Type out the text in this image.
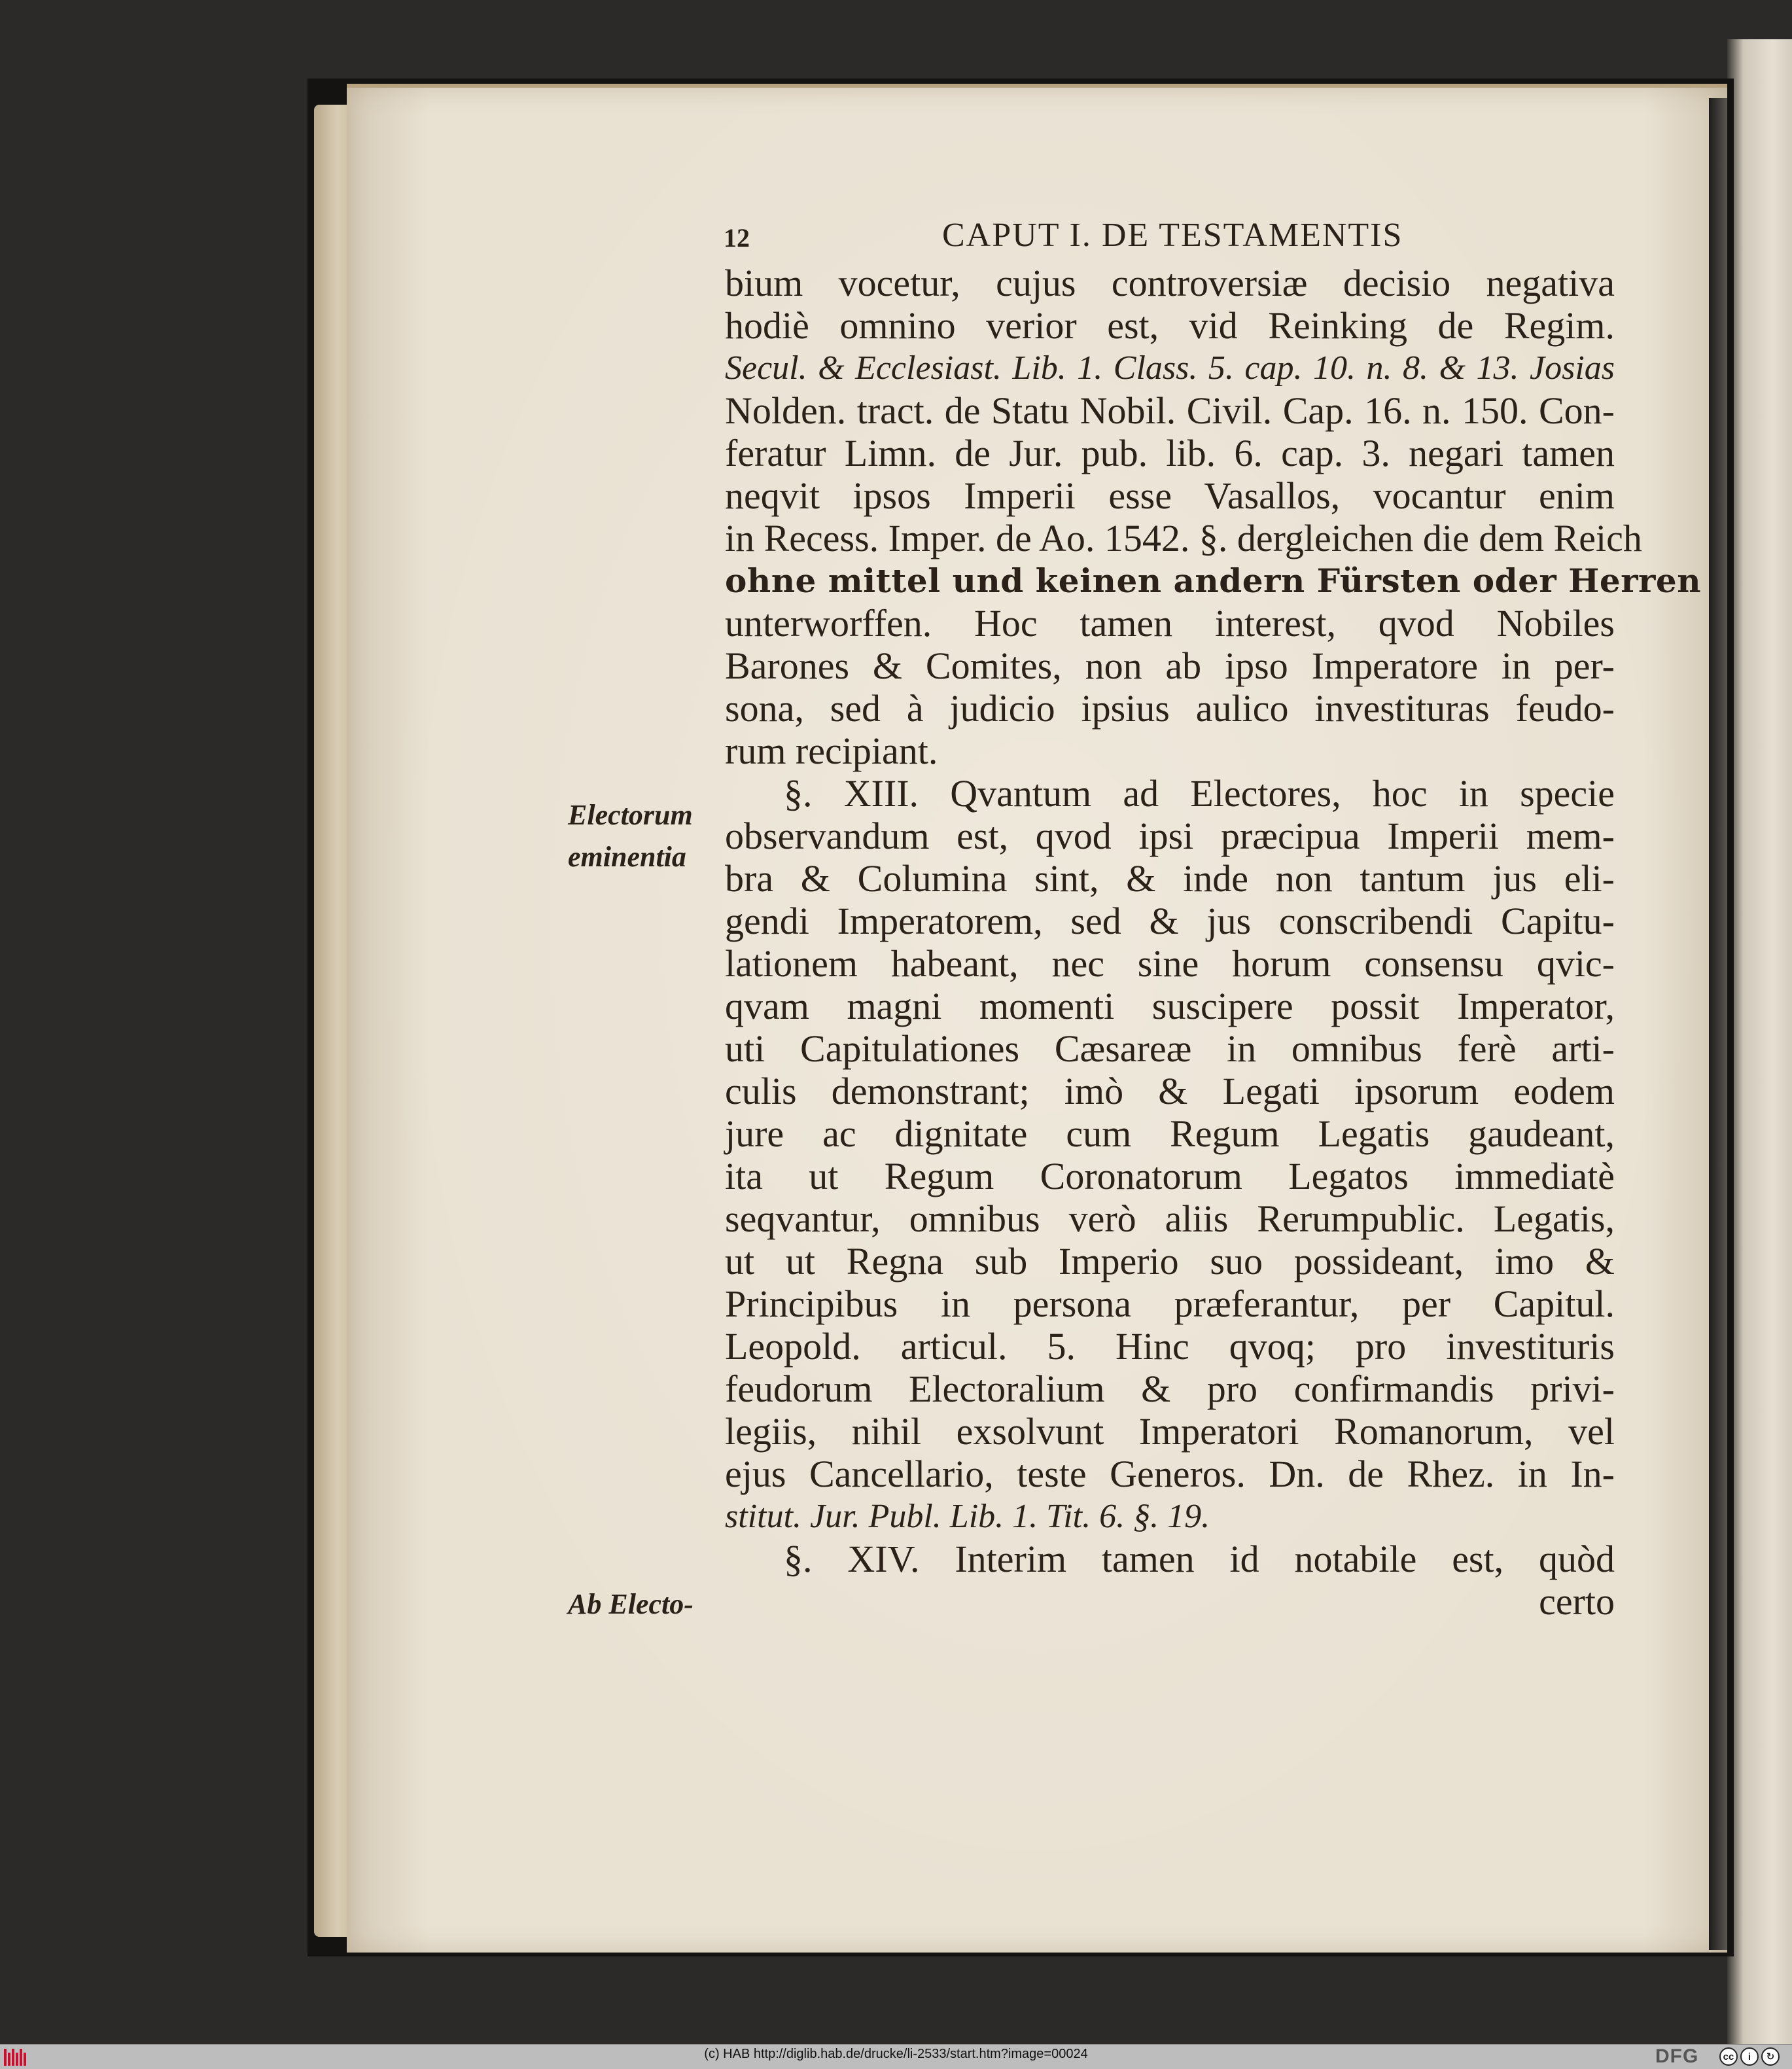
12	CAPUT I. DE TESTAMENTIS
Electorum
eminentia
Ab Electo-
bium vocetur, cujus controversiæ decisio negativa
hodiè omnino verior est, vid Reinking de Regim.
Secul. & Ecclesiast. Lib. 1. Class. 5. cap. 10. n. 8. & 13. Josias
Nolden. tract. de Statu Nobil. Civil. Cap. 16. n. 150. Con-
feratur Limn. de Jur. pub. lib. 6. cap. 3. negari tamen
neqvit ipsos Imperii esse Vasallos, vocantur enim
in Recess. Imper. de Ao. 1542. §. dergleichen die dem Reich
ohne mittel und keinen andern Fürsten oder Herren
unterworffen. Hoc tamen interest, qvod Nobiles
Barones & Comites, non ab ipso Imperatore in per-
sona, sed à judicio ipsius aulico investituras feudo-
rum recipiant.
§. XIII. Qvantum ad Electores, hoc in specie
observandum est, qvod ipsi præcipua Imperii mem-
bra & Columina sint, & inde non tantum jus eli-
gendi Imperatorem, sed & jus conscribendi Capitu-
lationem habeant, nec sine horum consensu qvic-
qvam magni momenti suscipere possit Imperator,
uti Capitulationes Cæsareæ in omnibus ferè arti-
culis demonstrant; imò & Legati ipsorum eodem
jure ac dignitate cum Regum Legatis gaudeant,
ita ut Regum Coronatorum Legatos immediatè
seqvantur, omnibus verò aliis Rerumpublic. Legatis,
ut ut Regna sub Imperio suo possideant, imo &
Principibus in persona præferantur, per Capitul.
Leopold. articul. 5. Hinc qvoq; pro investituris
feudorum Electoralium & pro confirmandis privi-
legiis, nihil exsolvunt Imperatori Romanorum, vel
ejus Cancellario, teste Generos. Dn. de Rhez. in In-
stitut. Jur. Publ. Lib. 1. Tit. 6. §. 19.
§. XIV. Interim tamen id notabile est, quòd
certo
(c) HAB http://diglib.hab.de/drucke/li-2533/start.htm?image=00024	DFG	cc	i	↻
